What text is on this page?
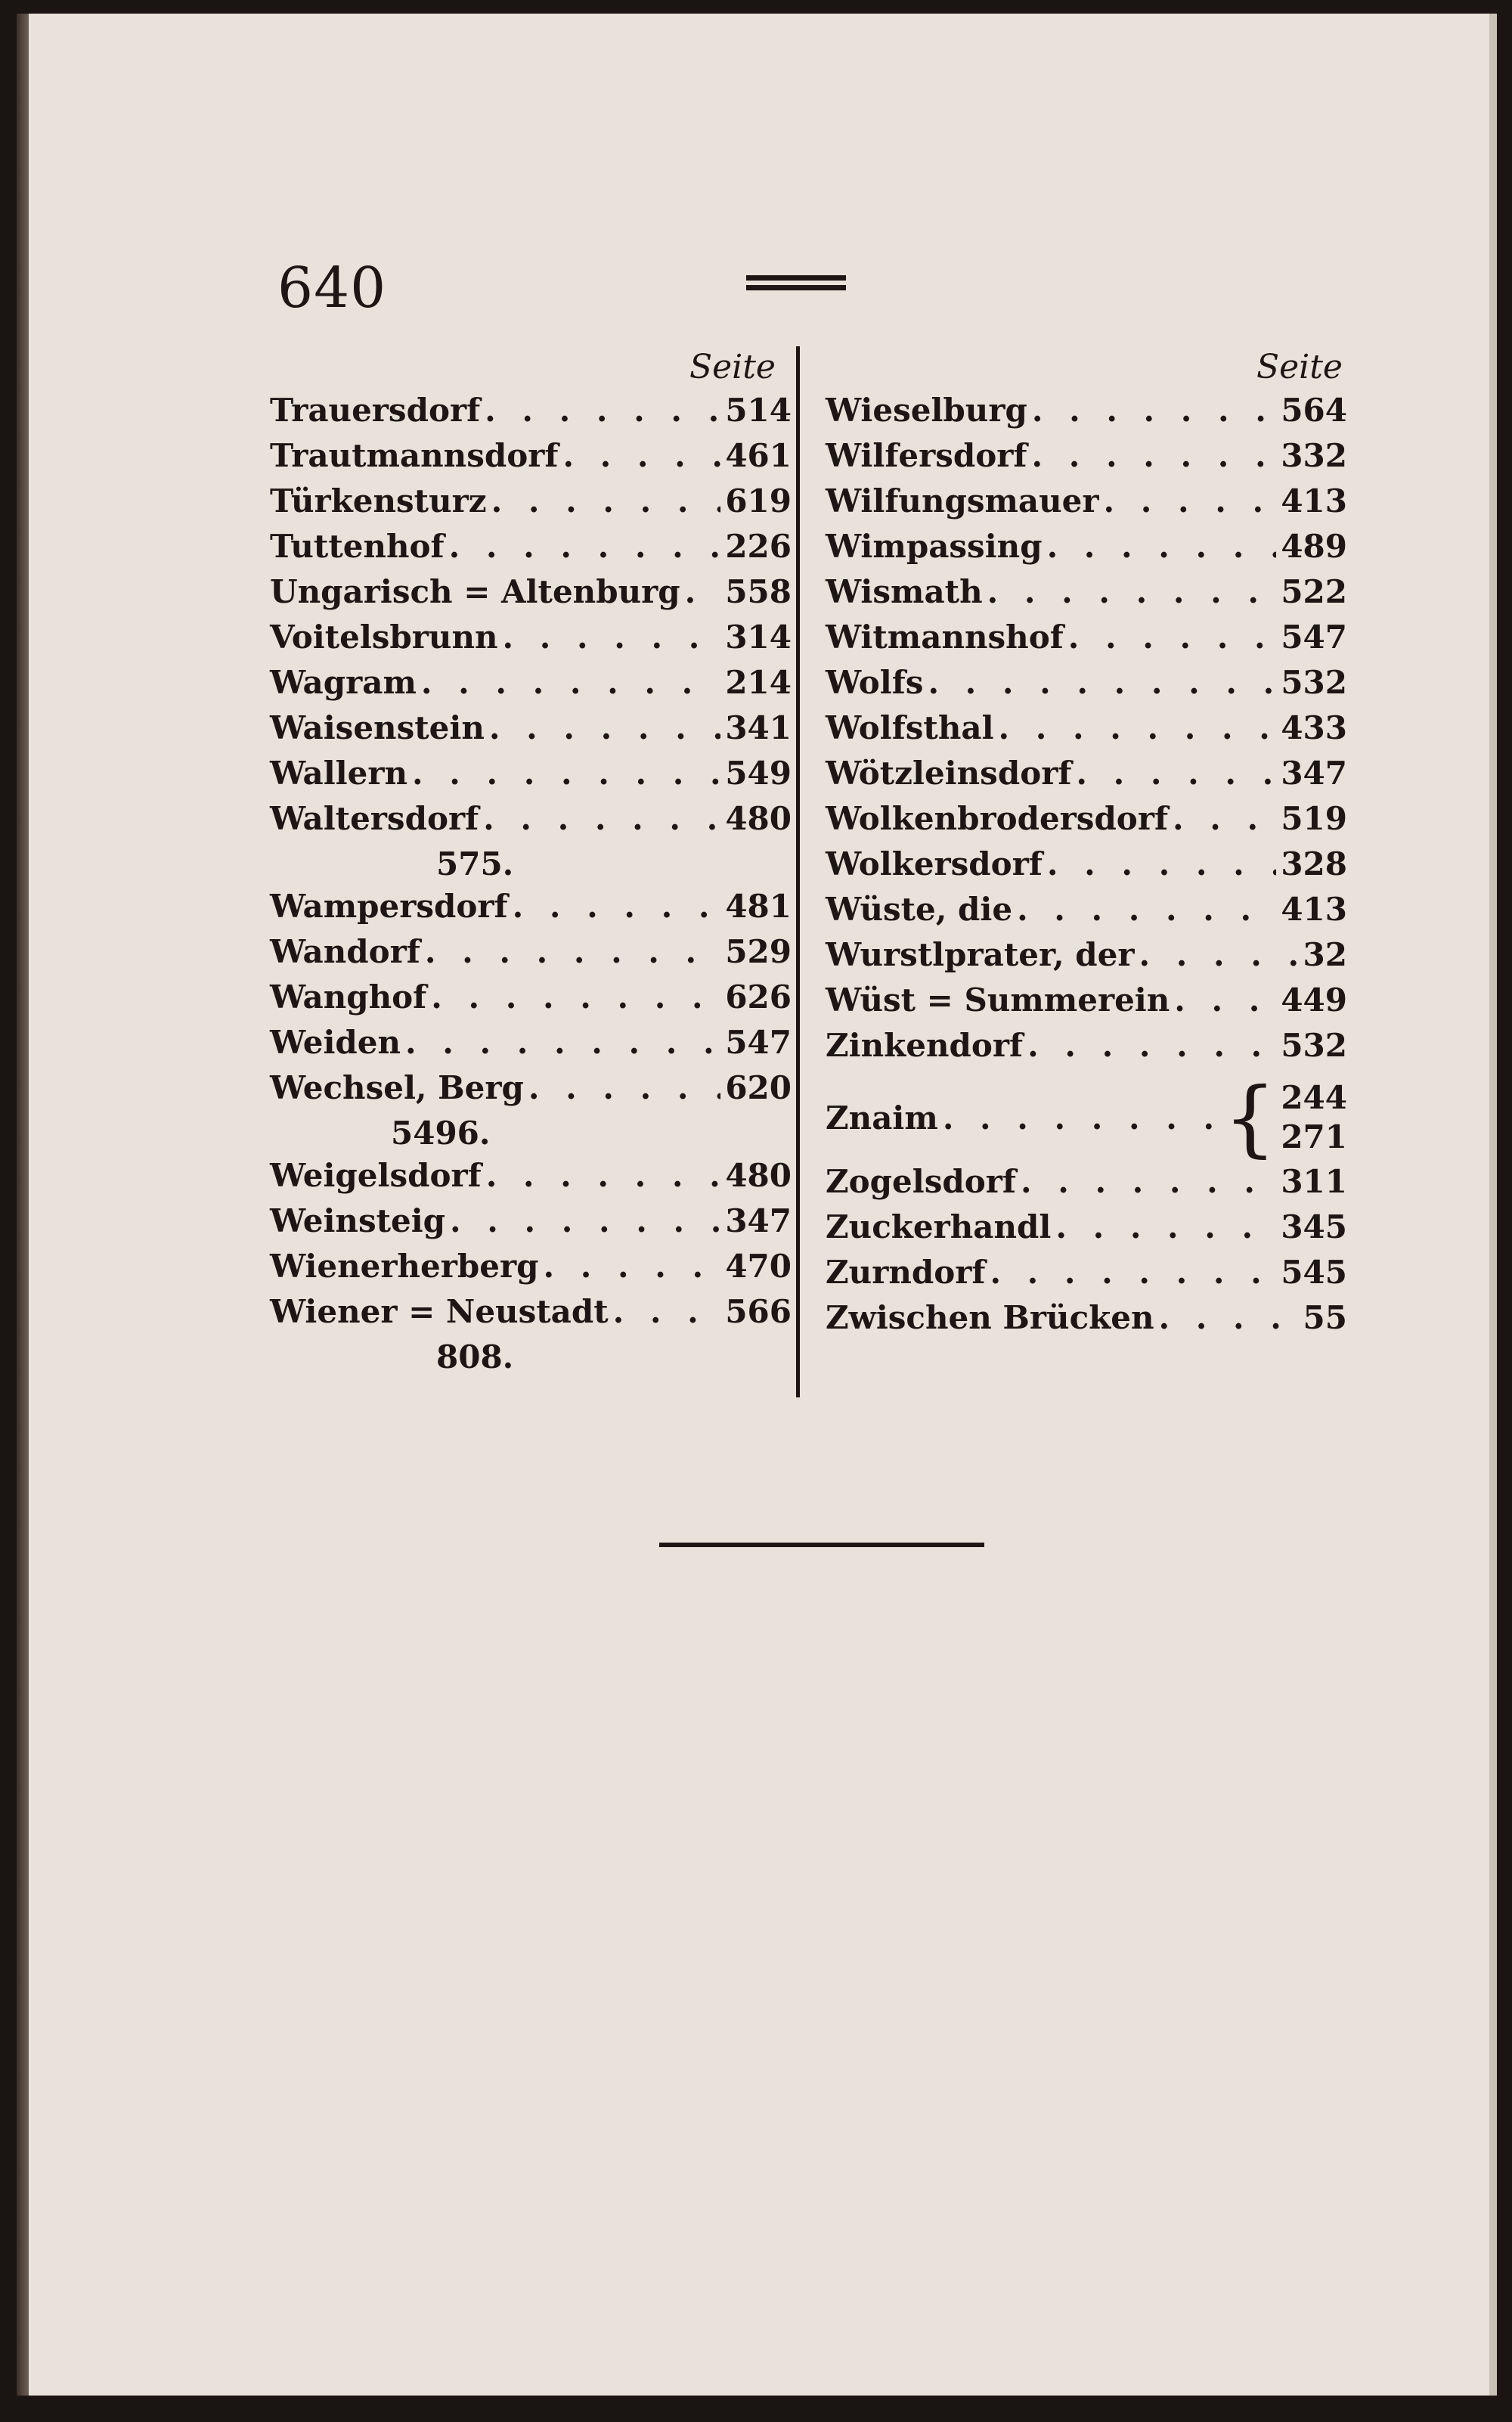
640
Seite	Seite
Trauersdorf . . .	514
Trautmannsdorf . . .	461
Türkensturz . . .	619
Tuttenhof . . .	226
Ungarisch = Altenburg . . . 558
Voitelsbrunn . . .	314
Wagram . . .	214
Waisenstein . . .	341
Wallern . . .	549
Waltersdorf . . .	480
575.
Wampersdorf . . .	481
Wandorf . . .	529
Wanghof . . .	626
Weiden . . .	547
Wechsel, Berg . . .	620
5496.
Weigelsdorf . . .	480
Weinsteig . . .	347
Wienerherberg . . .	470
Wiener = Neustadt . . .	566
808.
Wieselburg . . .	564
Wilfersdorf . . .	332
Wilfungsmauer . . .	413
Wimpassing . . .	489
Wismath . . .	522
Witmannshof . . .	547
Wolfs . . .	532
Wolfsthal . . .	433
Wötzleinsdorf . . .	347
Wolkenbrodersdorf . . .	519
Wolkersdorf . . .	328
Wüste, die . . .	413
Wurstlprater, der . . .	32
Wüst = Summerein . . .	449
Zinkendorf . . .	532
Znaim . . .	{ 244
271
Zogelsdorf . . .	311
Zuckerhandl . . .	345
Zurndorf . . .	545
Zwischen Brücken . . .	55
